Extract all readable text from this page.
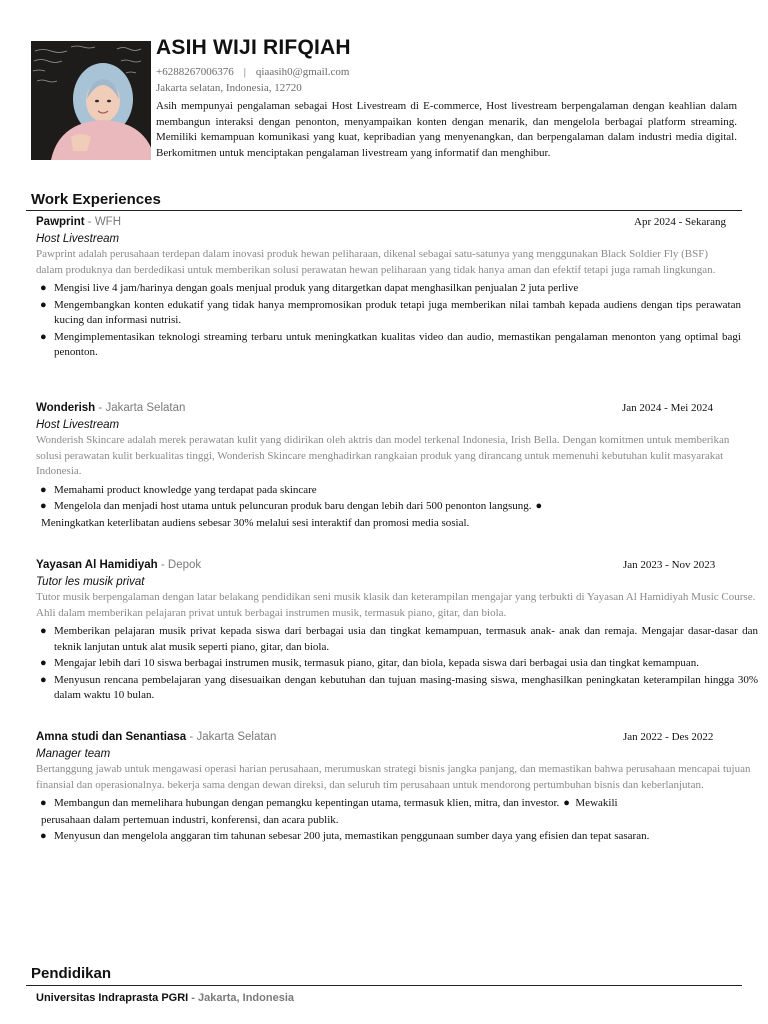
ASIH WIJI RIFQIAH
+6288267006376 | qiaasih0@gmail.com
Jakarta selatan, Indonesia, 12720
Asih mempunyai pengalaman sebagai Host Livestream di E-commerce, Host livestream berpengalaman dengan keahlian dalam membangun interaksi dengan penonton, menyampaikan konten dengan menarik, dan mengelola berbagai platform streaming. Memiliki kemampuan komunikasi yang kuat, kepribadian yang menyenangkan, dan berpengalaman dalam industri media digital. Berkomitmen untuk menciptakan pengalaman livestream yang informatif dan menghibur.
Work Experiences
Pawprint - WFH	Apr 2024 - Sekarang
Host Livestream
Pawprint adalah perusahaan terdepan dalam inovasi produk hewan peliharaan, dikenal sebagai satu-satunya yang menggunakan Black Soldier Fly (BSF) dalam produknya dan berdedikasi untuk memberikan solusi perawatan hewan peliharaan yang tidak hanya aman dan efektif tetapi juga ramah lingkungan.
● Mengisi live 4 jam/harinya dengan goals menjual produk yang ditargetkan dapat menghasilkan penjualan 2 juta perlive
● Mengembangkan konten edukatif yang tidak hanya mempromosikan produk tetapi juga memberikan nilai tambah kepada audiens dengan tips perawatan kucing dan informasi nutrisi.
● Mengimplementasikan teknologi streaming terbaru untuk meningkatkan kualitas video dan audio, memastikan pengalaman menonton yang optimal bagi penonton.
Wonderish - Jakarta Selatan	Jan 2024 - Mei 2024
Host Livestream
Wonderish Skincare adalah merek perawatan kulit yang didirikan oleh aktris dan model terkenal Indonesia, Irish Bella. Dengan komitmen untuk memberikan solusi perawatan kulit berkualitas tinggi, Wonderish Skincare menghadirkan rangkaian produk yang dirancang untuk memenuhi kebutuhan kulit masyarakat Indonesia.
● Memahami product knowledge yang terdapat pada skincare
● Mengelola dan menjadi host utama untuk peluncuran produk baru dengan lebih dari 500 penonton langsung. ●
Meningkatkan keterlibatan audiens sebesar 30% melalui sesi interaktif dan promosi media sosial.
Yayasan Al Hamidiyah - Depok	Jan 2023 - Nov 2023
Tutor les musik privat
Tutor musik berpengalaman dengan latar belakang pendidikan seni musik klasik dan keterampilan mengajar yang terbukti di Yayasan Al Hamidiyah Music Course. Ahli dalam memberikan pelajaran privat untuk berbagai instrumen musik, termasuk piano, gitar, dan biola.
● Memberikan pelajaran musik privat kepada siswa dari berbagai usia dan tingkat kemampuan, termasuk anak- anak dan remaja. Mengajar dasar-dasar dan teknik lanjutan untuk alat musik seperti piano, gitar, dan biola.
● Mengajar lebih dari 10 siswa berbagai instrumen musik, termasuk piano, gitar, dan biola, kepada siswa dari berbagai usia dan tingkat kemampuan.
● Menyusun rencana pembelajaran yang disesuaikan dengan kebutuhan dan tujuan masing-masing siswa, menghasilkan peningkatan keterampilan hingga 30% dalam waktu 10 bulan.
Amna studi dan Senantiasa - Jakarta Selatan	Jan 2022 - Des 2022
Manager team
Bertanggung jawab untuk mengawasi operasi harian perusahaan, merumuskan strategi bisnis jangka panjang, dan memastikan bahwa perusahaan mencapai tujuan finansial dan operasionalnya. bekerja sama dengan dewan direksi, dan seluruh tim perusahaan untuk mendorong pertumbuhan bisnis dan keberlanjutan.
● Membangun dan memelihara hubungan dengan pemangku kepentingan utama, termasuk klien, mitra, dan investor. ● Mewakili
perusahaan dalam pertemuan industri, konferensi, dan acara publik.
● Menyusun dan mengelola anggaran tim tahunan sebesar 200 juta, memastikan penggunaan sumber daya yang efisien dan tepat sasaran.
Pendidikan
Universitas Indraprasta PGRI - Jakarta, Indonesia
